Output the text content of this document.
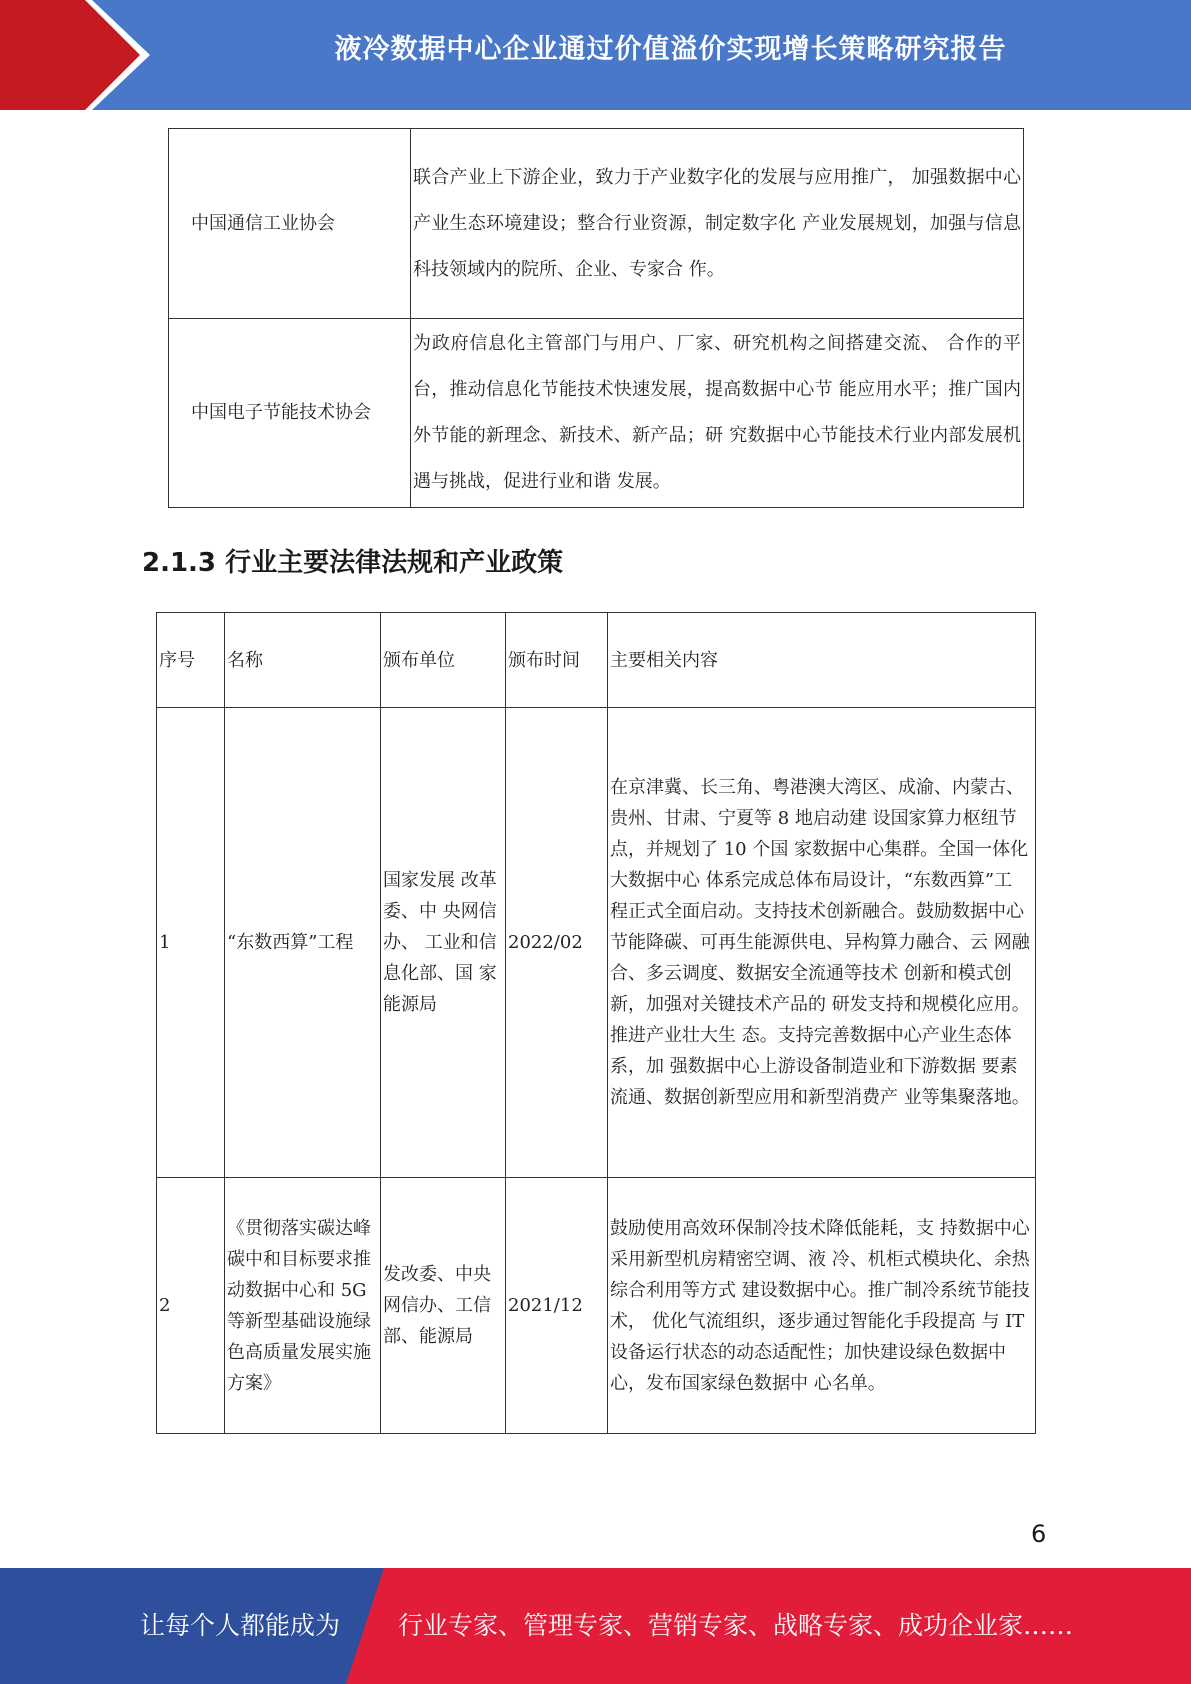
液冷数据中心企业通过价值溢价实现增长策略研究报告
中国通信工业协会	联合产业上下游企业，致力于产业数字化的发展与应用推广， 加强数据中心产业生态环境建设；整合行业资源，制定数字化 产业发展规划，加强与信息科技领域内的院所、企业、专家合 作。
中国电子节能技术协会	为政府信息化主管部门与用户、厂家、研究机构之间搭建交流、 合作的平台，推动信息化节能技术快速发展，提高数据中心节 能应用水平；推广国内外节能的新理念、新技术、新产品；研 究数据中心节能技术行业内部发展机遇与挑战，促进行业和谐 发展。
2.1.3 行业主要法律法规和产业政策
序号	名称	颁布单位	颁布时间	主要相关内容
1	“东数西算”工程	国家发展 改革委、中 央网信办、 工业和信 息化部、国 家能源局	2022/02	在京津冀、长三角、粤港澳大湾区、成渝、内蒙古、贵州、甘肃、宁夏等 8 地启动建 设国家算力枢纽节点，并规划了 10 个国 家数据中心集群。全国一体化大数据中心 体系完成总体布局设计，“东数西算”工 程正式全面启动。支持技术创新融合。鼓励数据中心节能降碳、可再生能源供电、异构算力融合、云 网融合、多云调度、数据安全流通等技术 创新和模式创新，加强对关键技术产品的 研发支持和规模化应用。推进产业壮大生 态。支持完善数据中心产业生态体系，加 强数据中心上游设备制造业和下游数据 要素流通、数据创新型应用和新型消费产 业等集聚落地。
2	《贯彻落实碳达峰碳中和目标要求推动数据中心和 5G 等新型基础设施绿色高质量发展实施方案》	发改委、中央网信办、工信部、能源局	2021/12	鼓励使用高效环保制冷技术降低能耗，支 持数据中心采用新型机房精密空调、液 冷、机柜式模块化、余热综合利用等方式 建设数据中心。推广制冷系统节能技术， 优化气流组织，逐步通过智能化手段提高 与 IT 设备运行状态的动态适配性；加快建设绿色数据中心，发布国家绿色数据中 心名单。
6
让每个人都能成为 行业专家、管理专家、营销专家、战略专家、成功企业家……
